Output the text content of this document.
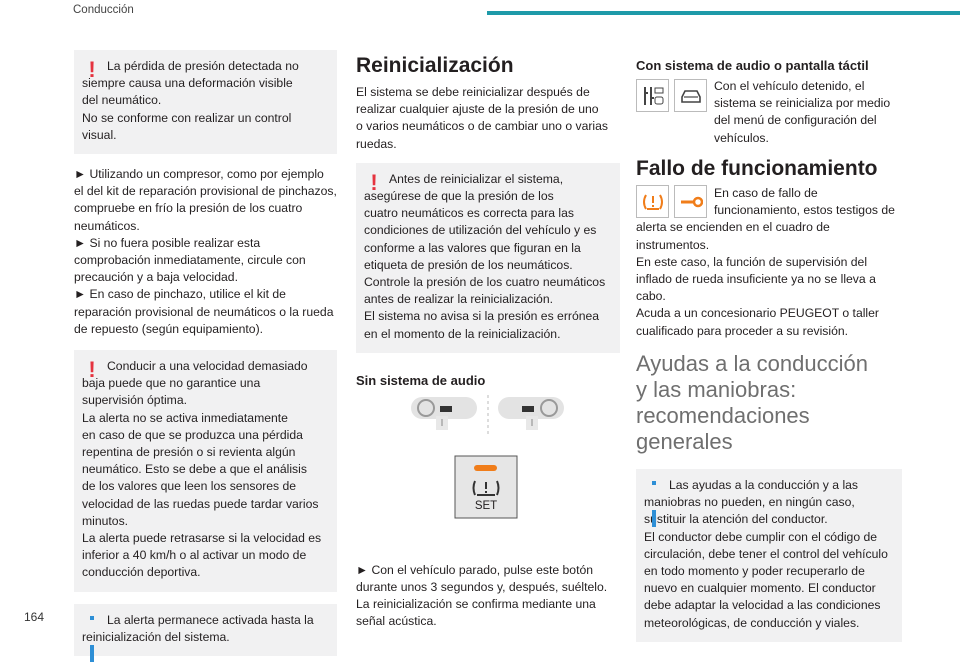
Conducción
! La pérdida de presión detectada no
siempre causa una deformación visible
del neumático.
No se conforme con realizar un control visual.
► Utilizando un compresor, como por ejemplo
el del kit de reparación provisional de pinchazos,
compruebe en frío la presión de los cuatro
neumáticos.
► Si no fuera posible realizar esta
comprobación inmediatamente, circule con
precaución y a baja velocidad.
► En caso de pinchazo, utilice el kit de
reparación provisional de neumáticos o la rueda
de repuesto (según equipamiento).
! Conducir a una velocidad demasiado
baja puede que no garantice una
supervisión óptima.
La alerta no se activa inmediatamente
en caso de que se produzca una pérdida
repentina de presión o si revienta algún
neumático. Esto se debe a que el análisis
de los valores que leen los sensores de
velocidad de las ruedas puede tardar varios
minutos.
La alerta puede retrasarse si la velocidad es
inferior a 40 km/h o al activar un modo de
conducción deportiva.
La alerta permanece activada hasta la
reinicialización del sistema.
Reinicialización
El sistema se debe reinicializar después de
realizar cualquier ajuste de la presión de uno
o varios neumáticos o de cambiar uno o varias
ruedas.
! Antes de reinicializar el sistema,
asegúrese de que la presión de los
cuatro neumáticos es correcta para las
condiciones de utilización del vehículo y es
conforme a las valores que figuran en la
etiqueta de presión de los neumáticos.
Controle la presión de los cuatro neumáticos
antes de realizar la reinicialización.
El sistema no avisa si la presión es errónea
en el momento de la reinicialización.
Sin sistema de audio
SET
► Con el vehículo parado, pulse este botón
durante unos 3 segundos y, después, suéltelo.
La reinicialización se confirma mediante una
señal acústica.
Con sistema de audio o pantalla táctil
Con el vehículo detenido, el
sistema se reinicializa por medio
del menú de configuración del vehículos.
Fallo de funcionamiento
En caso de fallo de
funcionamiento, estos testigos de
alerta se encienden en el cuadro de
instrumentos.
En este caso, la función de supervisión del
inflado de rueda insuficiente ya no se lleva a
cabo.
Acuda a un concesionario PEUGEOT o taller
cualificado para proceder a su revisión.
Ayudas a la conducción
y las maniobras:
recomendaciones
generales
Las ayudas a la conducción y a las
maniobras no pueden, en ningún caso,
sustituir la atención del conductor.
El conductor debe cumplir con el código de
circulación, debe tener el control del vehículo
en todo momento y poder recuperarlo de
nuevo en cualquier momento. El conductor
debe adaptar la velocidad a las condiciones
meteorológicas, de conducción y viales.
164
